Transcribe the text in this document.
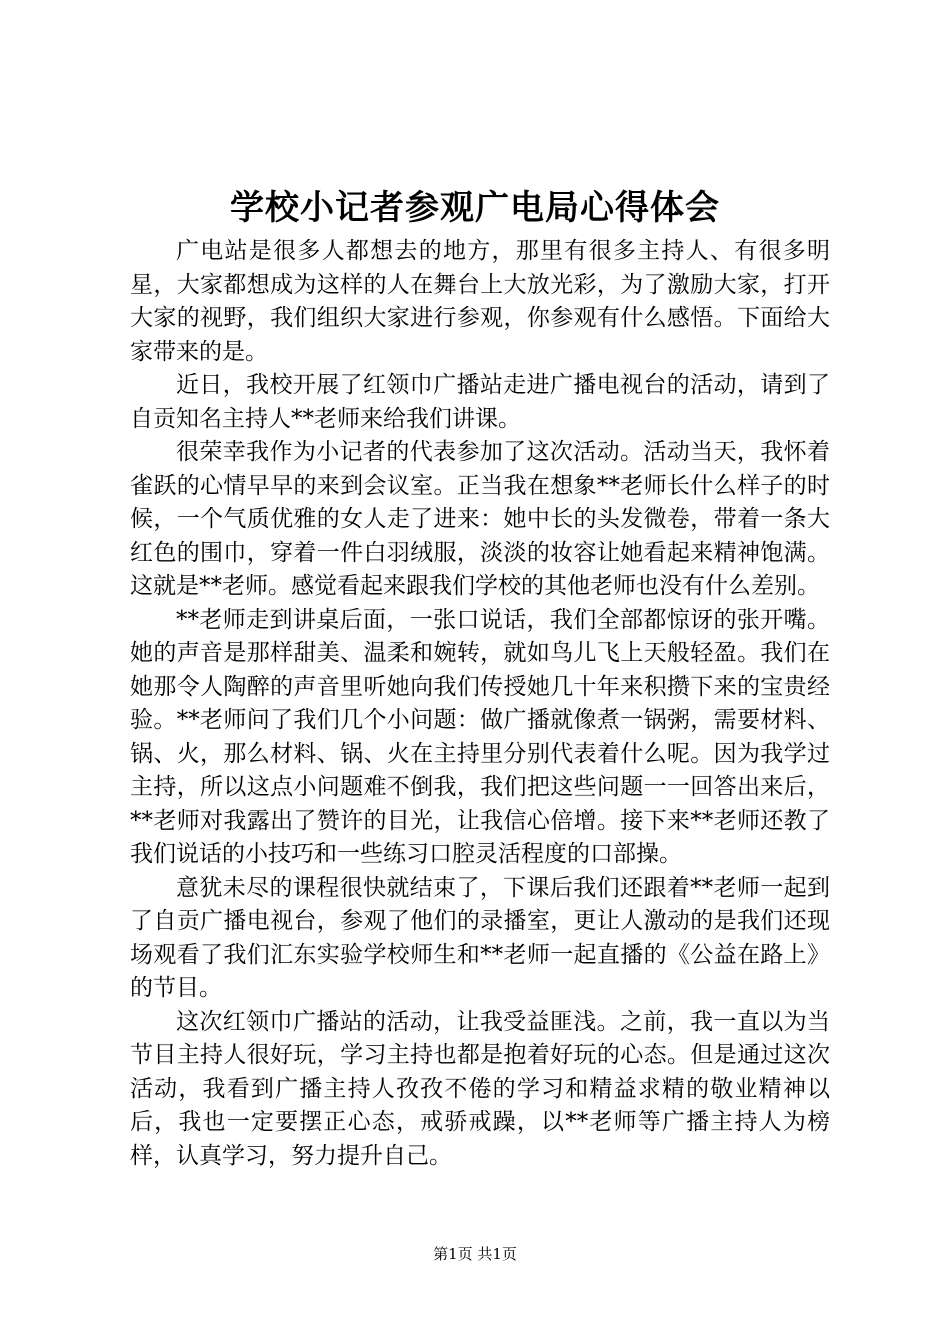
学校小记者参观广电局心得体会

广电站是很多人都想去的地方，那里有很多主持人、有很多明星，大家都想成为这样的人在舞台上大放光彩，为了激励大家，打开大家的视野，我们组织大家进行参观，你参观有什么感悟。下面给大家带来的是。

近日，我校开展了红领巾广播站走进广播电视台的活动，请到了自贡知名主持人**老师来给我们讲课。

很荣幸我作为小记者的代表参加了这次活动。活动当天，我怀着雀跃的心情早早的来到会议室。正当我在想象**老师长什么样子的时候，一个气质优雅的女人走了进来：她中长的头发微卷，带着一条大红色的围巾，穿着一件白羽绒服，淡淡的妆容让她看起来精神饱满。这就是**老师。感觉看起来跟我们学校的其他老师也没有什么差别。

**老师走到讲桌后面，一张口说话，我们全部都惊讶的张开嘴。她的声音是那样甜美、温柔和婉转，就如鸟儿飞上天般轻盈。我们在她那令人陶醉的声音里听她向我们传授她几十年来积攒下来的宝贵经验。**老师问了我们几个小问题：做广播就像煮一锅粥，需要材料、锅、火，那么材料、锅、火在主持里分别代表着什么呢。因为我学过主持，所以这点小问题难不倒我，我们把这些问题一一回答出来后，**老师对我露出了赞许的目光，让我信心倍增。接下来**老师还教了我们说话的小技巧和一些练习口腔灵活程度的口部操。

意犹未尽的课程很快就结束了，下课后我们还跟着**老师一起到了自贡广播电视台，参观了他们的录播室，更让人激动的是我们还现场观看了我们汇东实验学校师生和**老师一起直播的《公益在路上》的节目。

这次红领巾广播站的活动，让我受益匪浅。之前，我一直以为当节目主持人很好玩，学习主持也都是抱着好玩的心态。但是通过这次活动，我看到广播主持人孜孜不倦的学习和精益求精的敬业精神以后，我也一定要摆正心态，戒骄戒躁，以**老师等广播主持人为榜样，认真学习，努力提升自己。

第1页 共1页
